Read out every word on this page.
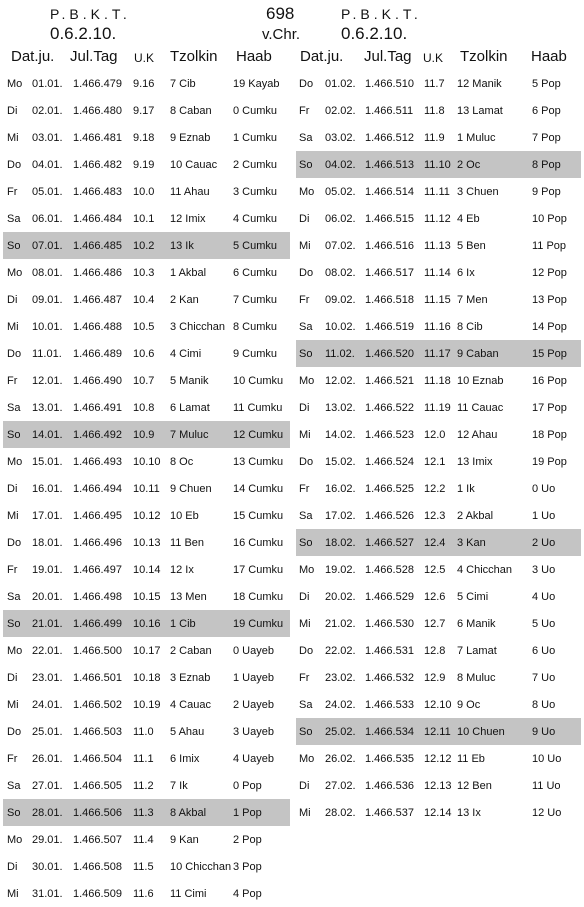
P.B.K.T.
0.6.2.10.
698
v.Chr.
P.B.K.T.
0.6.2.10.
Dat.ju. Jul.Tag U.K Tzolkin Haab
Mo 01.01. 1.466.479 9.16 7 Cib	19 Kayab
Di 02.01. 1.466.480 9.17 8 Caban 0 Cumku
Mi 03.01. 1.466.481 9.18 9 Eznab 1 Cumku
Do 04.01. 1.466.482 9.19 10 Cauac 2 Cumku
Fr 05.01. 1.466.483 10.0 11 Ahau 3 Cumku
Sa 06.01. 1.466.484 10.1 12 Imix	4 Cumku
So 07.01. 1.466.485 10.2 13 Ik	5 Cumku
Mo 08.01. 1.466.486 10.3 1 Akbal 6 Cumku
Di 09.01. 1.466.487 10.4 2 Kan	7 Cumku
Mi 10.01. 1.466.488 10.5 3 Chicchan 8 Cumku
Do 11.01. 1.466.489 10.6 4 Cimi	9 Cumku
Fr 12.01. 1.466.490 10.7 5 Manik 10 Cumku
Sa 13.01. 1.466.491 10.8 6 Lamat 11 Cumku
So 14.01. 1.466.492 10.9 7 Muluc 12 Cumku
Mo 15.01. 1.466.493 10.10 8 Oc	13 Cumku
Di 16.01. 1.466.494 10.11 9 Chuen 14 Cumku
Mi 17.01. 1.466.495 10.12 10 Eb	15 Cumku
Do 18.01. 1.466.496 10.13 11 Ben	16 Cumku
Fr 19.01. 1.466.497 10.14 12 Ix	17 Cumku
Sa 20.01. 1.466.498 10.15 13 Men 18 Cumku
So 21.01. 1.466.499 10.16 1 Cib	19 Cumku
Mo 22.01. 1.466.500 10.17 2 Caban 0 Uayeb
Di 23.01. 1.466.501 10.18 3 Eznab 1 Uayeb
Mi 24.01. 1.466.502 10.19 4 Cauac 2 Uayeb
Do 25.01. 1.466.503 11.0 5 Ahau	3 Uayeb
Fr 26.01. 1.466.504 11.1 6 Imix	4 Uayeb
Sa 27.01. 1.466.505 11.2 7 Ik	0 Pop
So 28.01. 1.466.506 11.3 8 Akbal 1 Pop
Mo 29.01. 1.466.507 11.4 9 Kan	2 Pop
Di 30.01. 1.466.508 11.5 10 Chicchan 3 Pop
Mi 31.01. 1.466.509 11.6 11 Cimi 4 Pop
Dat.ju. Jul.Tag U.K Tzolkin Haab
Do 01.02. 1.466.510 11.7 12 Manik	5 Pop
Fr 02.02. 1.466.511 11.8 13 Lamat	6 Pop
Sa 03.02. 1.466.512 11.9 1 Muluc	7 Pop
So 04.02. 1.466.513 11.10 2 Oc	8 Pop
Mo 05.02. 1.466.514 11.11 3 Chuen	9 Pop
Di 06.02. 1.466.515 11.12 4 Eb	10 Pop
Mi 07.02. 1.466.516 11.13 5 Ben	11 Pop
Do 08.02. 1.466.517 11.14 6 Ix	12 Pop
Fr 09.02. 1.466.518 11.15 7 Men	13 Pop
Sa 10.02. 1.466.519 11.16 8 Cib	14 Pop
So 11.02. 1.466.520 11.17 9 Caban	15 Pop
Mo 12.02. 1.466.521 11.18 10 Eznab	16 Pop
Di 13.02. 1.466.522 11.19 11 Cauac	17 Pop
Mi 14.02. 1.466.523 12.0 12 Ahau	18 Pop
Do 15.02. 1.466.524 12.1 13 Imix	19 Pop
Fr 16.02. 1.466.525 12.2 1 Ik	0 Uo
Sa 17.02. 1.466.526 12.3 2 Akbal	1 Uo
So 18.02. 1.466.527 12.4 3 Kan	2 Uo
Mo 19.02. 1.466.528 12.5 4 Chicchan 3 Uo
Di 20.02. 1.466.529 12.6 5 Cimi	4 Uo
Mi 21.02. 1.466.530 12.7 6 Manik	5 Uo
Do 22.02. 1.466.531 12.8 7 Lamat	6 Uo
Fr 23.02. 1.466.532 12.9 8 Muluc	7 Uo
Sa 24.02. 1.466.533 12.10 9 Oc	8 Uo
So 25.02. 1.466.534 12.11 10 Chuen 9 Uo
Mo 26.02. 1.466.535 12.12 11 Eb	10 Uo
Di 27.02. 1.466.536 12.13 12 Ben	11 Uo
Mi 28.02. 1.466.537 12.14 13 Ix	12 Uo
